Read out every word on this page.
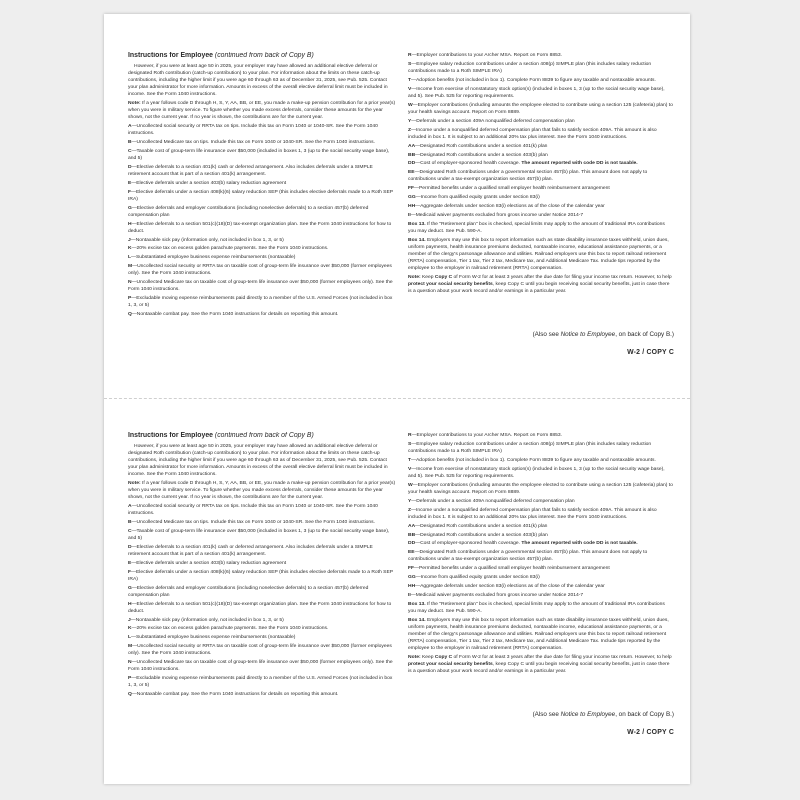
Instructions for Employee (continued from back of Copy B)

However, if you were at least age 50 in 2025, your employer may have allowed an additional elective deferral or designated Roth contribution (catch-up contribution) to your plan. For information about the limits on these catch-up contributions, including the higher limit if you were age 60 through 63 as of December 31, 2025, see Pub. 525. Contact your plan administrator for more information. Amounts in excess of the overall elective deferral limit must be included in income. See the Form 1040 instructions.

Note: If a year follows code D through H, S, Y, AA, BB, or EE, you made a make-up pension contribution for a prior year(s) when you were in military service. To figure whether you made excess deferrals, consider these amounts for the year shown, not the current year. If no year is shown, the contributions are for the current year.

A—Uncollected social security or RRTA tax on tips. Include this tax on Form 1040 or 1040-SR. See the Form 1040 instructions.

B—Uncollected Medicare tax on tips. Include this tax on Form 1040 or 1040-SR. See the Form 1040 instructions.

C—Taxable cost of group-term life insurance over $50,000 (included in boxes 1, 3 (up to the social security wage base), and 5)

D—Elective deferrals to a section 401(k) cash or deferred arrangement. Also includes deferrals under a SIMPLE retirement account that is part of a section 401(k) arrangement.

E—Elective deferrals under a section 403(b) salary reduction agreement

F—Elective deferrals under a section 408(k)(6) salary reduction SEP (this includes elective deferrals made to a Roth SEP IRA)

G—Elective deferrals and employer contributions (including nonelective deferrals) to a section 457(b) deferred compensation plan

H—Elective deferrals to a section 501(c)(18)(D) tax-exempt organization plan. See the Form 1040 instructions for how to deduct.

J—Nontaxable sick pay (information only, not included in box 1, 3, or 5)

K—20% excise tax on excess golden parachute payments. See the Form 1040 instructions.

L—Substantiated employee business expense reimbursements (nontaxable)

M—Uncollected social security or RRTA tax on taxable cost of group-term life insurance over $50,000 (former employees only). See the Form 1040 instructions.

N—Uncollected Medicare tax on taxable cost of group-term life insurance over $50,000 (former employees only). See the Form 1040 instructions.

P—Excludable moving expense reimbursements paid directly to a member of the U.S. Armed Forces (not included in box 1, 3, or 5)

Q—Nontaxable combat pay. See the Form 1040 instructions for details on reporting this amount.

R—Employer contributions to your Archer MSA. Report on Form 8853.

S—Employee salary reduction contributions under a section 408(p) SIMPLE plan (this includes salary reduction contributions made to a Roth SIMPLE IRA)

T—Adoption benefits (not included in box 1). Complete Form 8839 to figure any taxable and nontaxable amounts.

V—Income from exercise of nonstatutory stock option(s) (included in boxes 1, 3 (up to the social security wage base), and 5). See Pub. 525 for reporting requirements.

W—Employer contributions (including amounts the employee elected to contribute using a section 125 (cafeteria) plan) to your health savings account. Report on Form 8889.

Y—Deferrals under a section 409A nonqualified deferred compensation plan

Z—Income under a nonqualified deferred compensation plan that fails to satisfy section 409A. This amount is also included in box 1. It is subject to an additional 20% tax plus interest. See the Form 1040 instructions.

AA—Designated Roth contributions under a section 401(k) plan

BB—Designated Roth contributions under a section 403(b) plan

DD—Cost of employer-sponsored health coverage. The amount reported with code DD is not taxable.

EE—Designated Roth contributions under a governmental section 457(b) plan. This amount does not apply to contributions under a tax-exempt organization section 457(b) plan.

FF—Permitted benefits under a qualified small employer health reimbursement arrangement

GG—Income from qualified equity grants under section 83(i)

HH—Aggregate deferrals under section 83(i) elections as of the close of the calendar year

II—Medicaid waiver payments excluded from gross income under Notice 2014-7

Box 13. If the "Retirement plan" box is checked, special limits may apply to the amount of traditional IRA contributions you may deduct. See Pub. 590-A.

Box 14. Employers may use this box to report information such as state disability insurance taxes withheld, union dues, uniform payments, health insurance premiums deducted, nontaxable income, educational assistance payments, or a member of the clergy's parsonage allowance and utilities. Railroad employers use this box to report railroad retirement (RRTA) compensation, Tier 1 tax, Tier 2 tax, Medicare tax, and Additional Medicare Tax. Include tips reported by the employee to the employer in railroad retirement (RRTA) compensation.

Note: Keep Copy C of Form W-2 for at least 3 years after the due date for filing your income tax return. However, to help protect your social security benefits, keep Copy C until you begin receiving social security benefits, just in case there is a question about your work record and/or earnings in a particular year.

(Also see Notice to Employee, on back of Copy B.)
W-2 / COPY C

Instructions for Employee (continued from back of Copy B)

However, if you were at least age 50 in 2025, your employer may have allowed an additional elective deferral or designated Roth contribution (catch-up contribution) to your plan. For information about the limits on these catch-up contributions, including the higher limit if you were age 60 through 63 as of December 31, 2025, see Pub. 525. Contact your plan administrator for more information. Amounts in excess of the overall elective deferral limit must be included in income. See the Form 1040 instructions.

Note: If a year follows code D through H, S, Y, AA, BB, or EE, you made a make-up pension contribution for a prior year(s) when you were in military service. To figure whether you made excess deferrals, consider these amounts for the year shown, not the current year. If no year is shown, the contributions are for the current year.

A—Uncollected social security or RRTA tax on tips. Include this tax on Form 1040 or 1040-SR. See the Form 1040 instructions.

B—Uncollected Medicare tax on tips. Include this tax on Form 1040 or 1040-SR. See the Form 1040 instructions.

C—Taxable cost of group-term life insurance over $50,000 (included in boxes 1, 3 (up to the social security wage base), and 5)

D—Elective deferrals to a section 401(k) cash or deferred arrangement. Also includes deferrals under a SIMPLE retirement account that is part of a section 401(k) arrangement.

E—Elective deferrals under a section 403(b) salary reduction agreement

F—Elective deferrals under a section 408(k)(6) salary reduction SEP (this includes elective deferrals made to a Roth SEP IRA)

G—Elective deferrals and employer contributions (including nonelective deferrals) to a section 457(b) deferred compensation plan

H—Elective deferrals to a section 501(c)(18)(D) tax-exempt organization plan. See the Form 1040 instructions for how to deduct.

J—Nontaxable sick pay (information only, not included in box 1, 3, or 5)

K—20% excise tax on excess golden parachute payments. See the Form 1040 instructions.

L—Substantiated employee business expense reimbursements (nontaxable)

M—Uncollected social security or RRTA tax on taxable cost of group-term life insurance over $50,000 (former employees only). See the Form 1040 instructions.

N—Uncollected Medicare tax on taxable cost of group-term life insurance over $50,000 (former employees only). See the Form 1040 instructions.

P—Excludable moving expense reimbursements paid directly to a member of the U.S. Armed Forces (not included in box 1, 3, or 5)

Q—Nontaxable combat pay. See the Form 1040 instructions for details on reporting this amount.

R—Employer contributions to your Archer MSA. Report on Form 8853.

S—Employee salary reduction contributions under a section 408(p) SIMPLE plan (this includes salary reduction contributions made to a Roth SIMPLE IRA)

T—Adoption benefits (not included in box 1). Complete Form 8839 to figure any taxable and nontaxable amounts.

V—Income from exercise of nonstatutory stock option(s) (included in boxes 1, 3 (up to the social security wage base), and 5). See Pub. 525 for reporting requirements.

W—Employer contributions (including amounts the employee elected to contribute using a section 125 (cafeteria) plan) to your health savings account. Report on Form 8889.

Y—Deferrals under a section 409A nonqualified deferred compensation plan

Z—Income under a nonqualified deferred compensation plan that fails to satisfy section 409A. This amount is also included in box 1. It is subject to an additional 20% tax plus interest. See the Form 1040 instructions.

AA—Designated Roth contributions under a section 401(k) plan

BB—Designated Roth contributions under a section 403(b) plan

DD—Cost of employer-sponsored health coverage. The amount reported with code DD is not taxable.

EE—Designated Roth contributions under a governmental section 457(b) plan. This amount does not apply to contributions under a tax-exempt organization section 457(b) plan.

FF—Permitted benefits under a qualified small employer health reimbursement arrangement

GG—Income from qualified equity grants under section 83(i)

HH—Aggregate deferrals under section 83(i) elections as of the close of the calendar year

II—Medicaid waiver payments excluded from gross income under Notice 2014-7

Box 13. If the "Retirement plan" box is checked, special limits may apply to the amount of traditional IRA contributions you may deduct. See Pub. 590-A.

Box 14. Employers may use this box to report information such as state disability insurance taxes withheld, union dues, uniform payments, health insurance premiums deducted, nontaxable income, educational assistance payments, or a member of the clergy's parsonage allowance and utilities. Railroad employers use this box to report railroad retirement (RRTA) compensation, Tier 1 tax, Tier 2 tax, Medicare tax, and Additional Medicare Tax. Include tips reported by the employee to the employer in railroad retirement (RRTA) compensation.

Note: Keep Copy C of Form W-2 for at least 3 years after the due date for filing your income tax return. However, to help protect your social security benefits, keep Copy C until you begin receiving social security benefits, just in case there is a question about your work record and/or earnings in a particular year.

(Also see Notice to Employee, on back of Copy B.)
W-2 / COPY C
